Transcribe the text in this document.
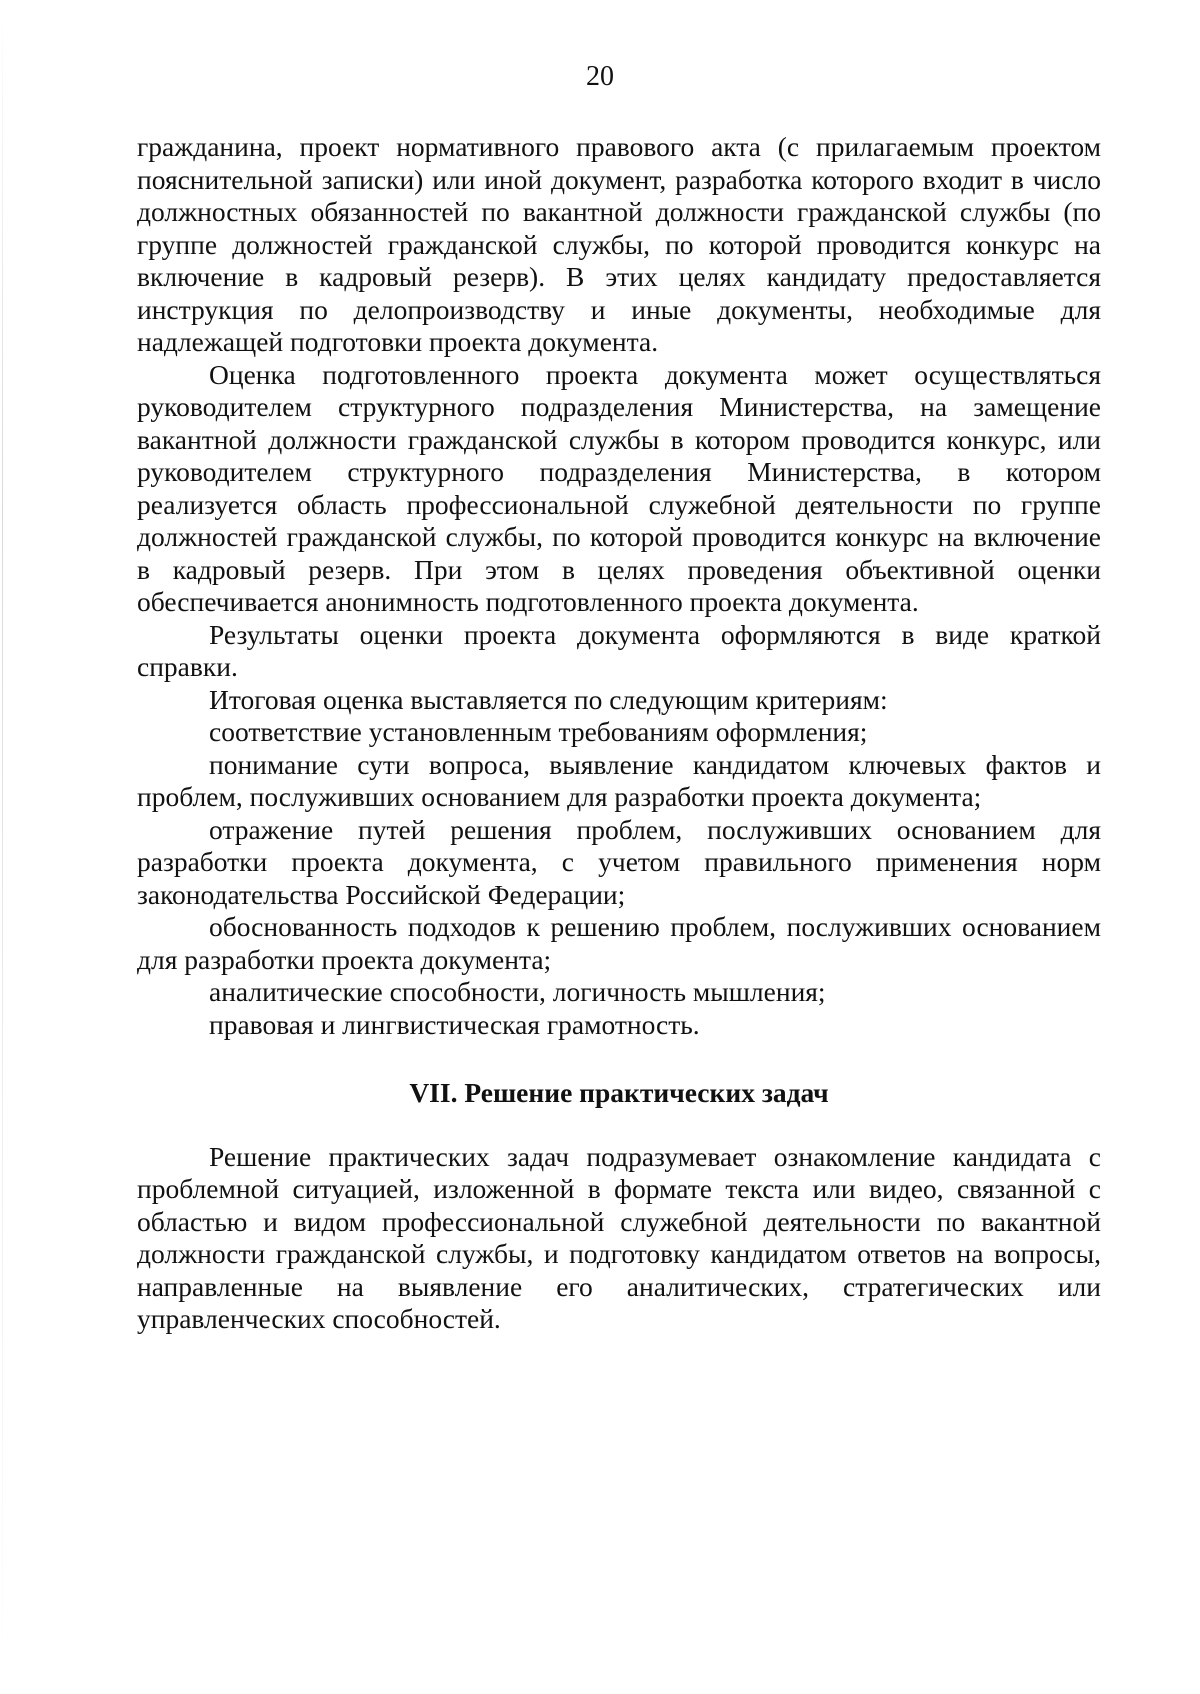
20

гражданина, проект нормативного правового акта (с прилагаемым проектом пояснительной записки) или иной документ, разработка которого входит в число должностных обязанностей по вакантной должности гражданской службы (по группе должностей гражданской службы, по которой проводится конкурс на включение в кадровый резерв). В этих целях кандидату предоставляется инструкция по делопроизводству и иные документы, необходимые для надлежащей подготовки проекта документа.

Оценка подготовленного проекта документа может осуществляться руководителем структурного подразделения Министерства, на замещение вакантной должности гражданской службы в котором проводится конкурс, или руководителем структурного подразделения Министерства, в котором реализуется область профессиональной служебной деятельности по группе должностей гражданской службы, по которой проводится конкурс на включение в кадровый резерв. При этом в целях проведения объективной оценки обеспечивается анонимность подготовленного проекта документа.

Результаты оценки проекта документа оформляются в виде краткой справки.

Итоговая оценка выставляется по следующим критериям:

соответствие установленным требованиям оформления;

понимание сути вопроса, выявление кандидатом ключевых фактов и проблем, послуживших основанием для разработки проекта документа;

отражение путей решения проблем, послуживших основанием для разработки проекта документа, с учетом правильного применения норм законодательства Российской Федерации;

обоснованность подходов к решению проблем, послуживших основанием для разработки проекта документа;

аналитические способности, логичность мышления;

правовая и лингвистическая грамотность.

VII. Решение практических задач

Решение практических задач подразумевает ознакомление кандидата с проблемной ситуацией, изложенной в формате текста или видео, связанной с областью и видом профессиональной служебной деятельности по вакантной должности гражданской службы, и подготовку кандидатом ответов на вопросы, направленные на выявление его аналитических, стратегических или управленческих способностей.
